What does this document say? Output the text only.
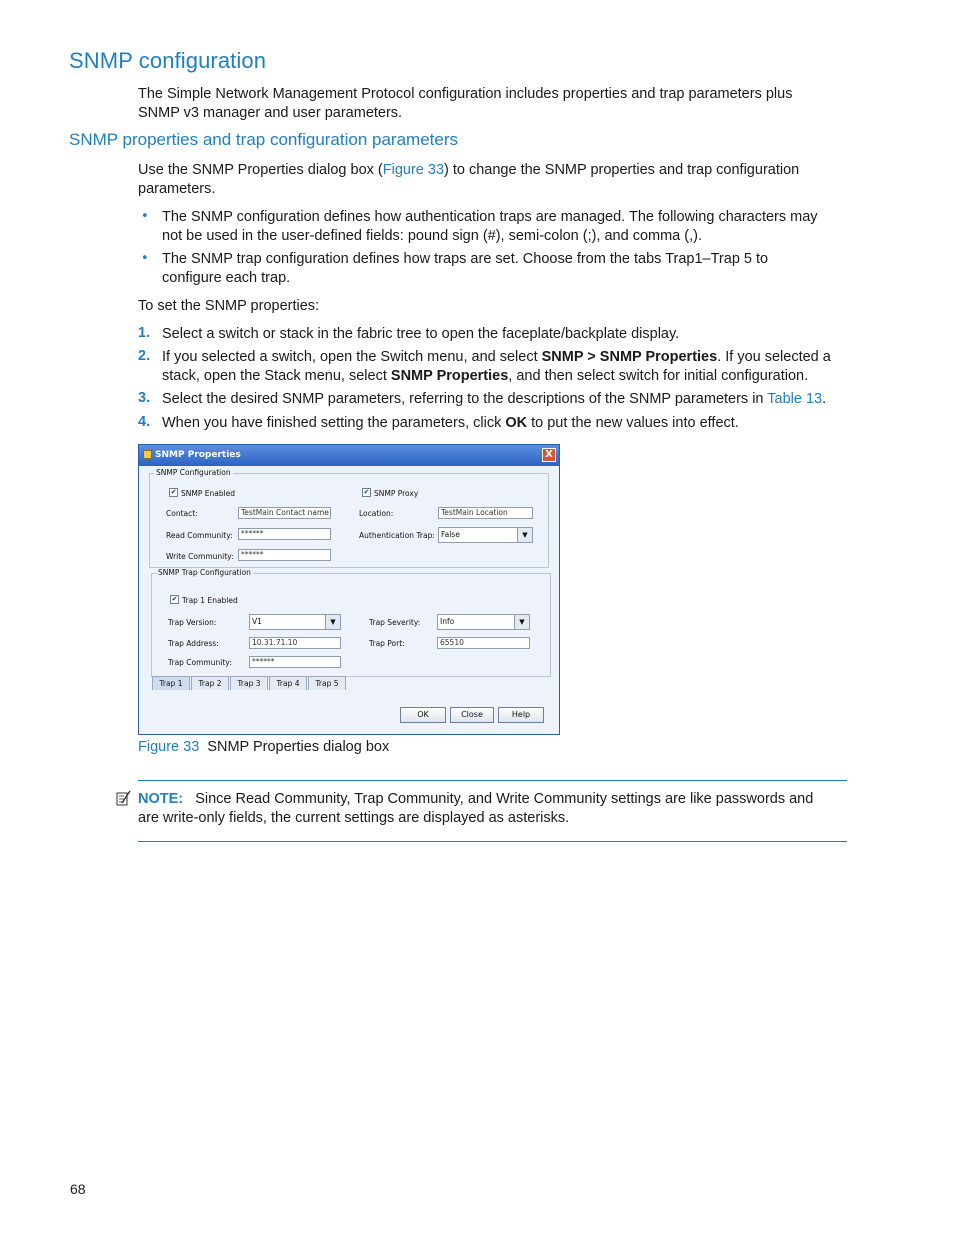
SNMP configuration
The Simple Network Management Protocol configuration includes properties and trap parameters plus
SNMP v3 manager and user parameters.
SNMP properties and trap configuration parameters
Use the SNMP Properties dialog box (Figure 33) to change the SNMP properties and trap configuration
parameters.
• The SNMP configuration defines how authentication traps are managed. The following characters may
not be used in the user-defined fields: pound sign (#), semi-colon (;), and comma (,).
• The SNMP trap configuration defines how traps are set. Choose from the tabs Trap1–Trap 5 to
configure each trap.
To set the SNMP properties:
1. Select a switch or stack in the fabric tree to open the faceplate/backplate display.
2. If you selected a switch, open the Switch menu, and select SNMP > SNMP Properties. If you selected a
stack, open the Stack menu, select SNMP Properties, and then select switch for initial configuration.
3. Select the desired SNMP parameters, referring to the descriptions of the SNMP parameters in Table 13.
4. When you have finished setting the parameters, click OK to put the new values into effect.
SNMP Properties	X
SNMP Configuration
✔ SNMP Enabled	✔ SNMP Proxy
Contact:	TestMain Contact name	Location:	TestMain Location
Read Community:	******	Authentication Trap: False	▼
Write Community: ******
SNMP Trap Configuration
✔ Trap 1 Enabled
Trap Version:	V1	▼	Trap Severity:	Info	▼
Trap Address:	10.31.71.10	Trap Port:	65510
Trap Community:	******
Trap 1	Trap 2	Trap 3	Trap 4	Trap 5
OK	Close	Help
Figure 33 SNMP Properties dialog box
NOTE: Since Read Community, Trap Community, and Write Community settings are like passwords and
are write-only fields, the current settings are displayed as asterisks.
68
